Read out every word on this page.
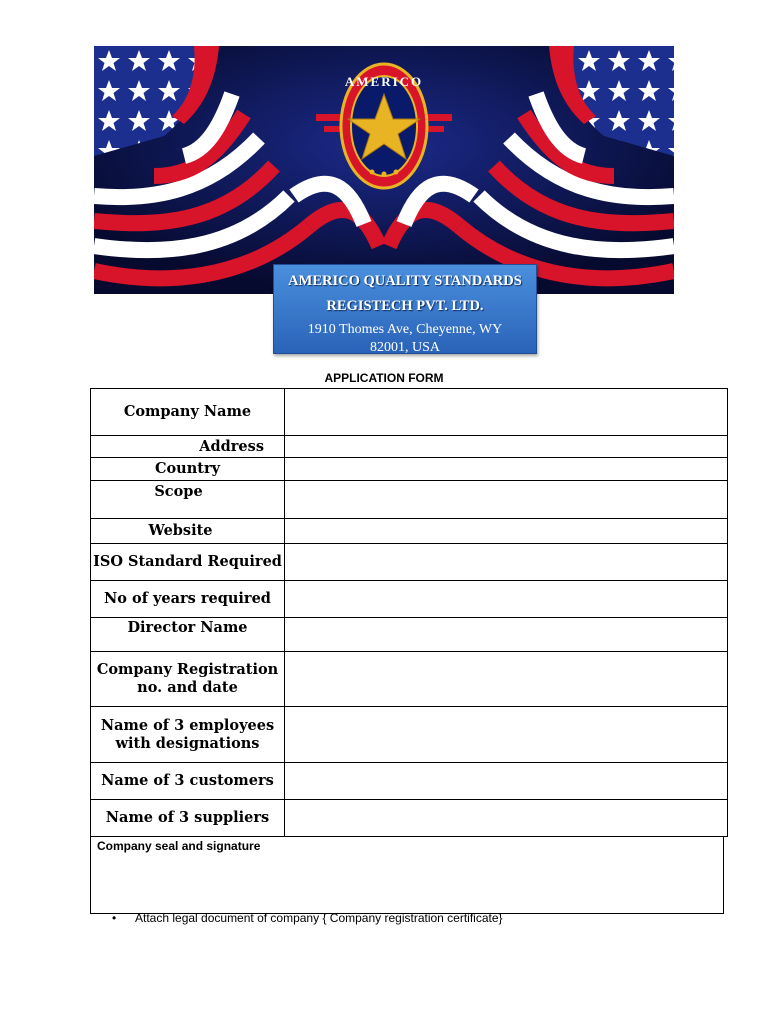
AMERICO
AMERICO QUALITY STANDARDS
REGISTECH PVT. LTD.
1910 Thomes Ave, Cheyenne, WY
82001, USA
APPLICATION FORM
Company Name	
Address	
Country	
Scope	
Website	
ISO Standard Required	
No of years required	
Director Name	
Company Registration no. and date	
Name of 3 employees with designations	
Name of 3 customers	
Name of 3 suppliers	
Company seal and signature
• Attach legal document of company { Company registration certificate}
